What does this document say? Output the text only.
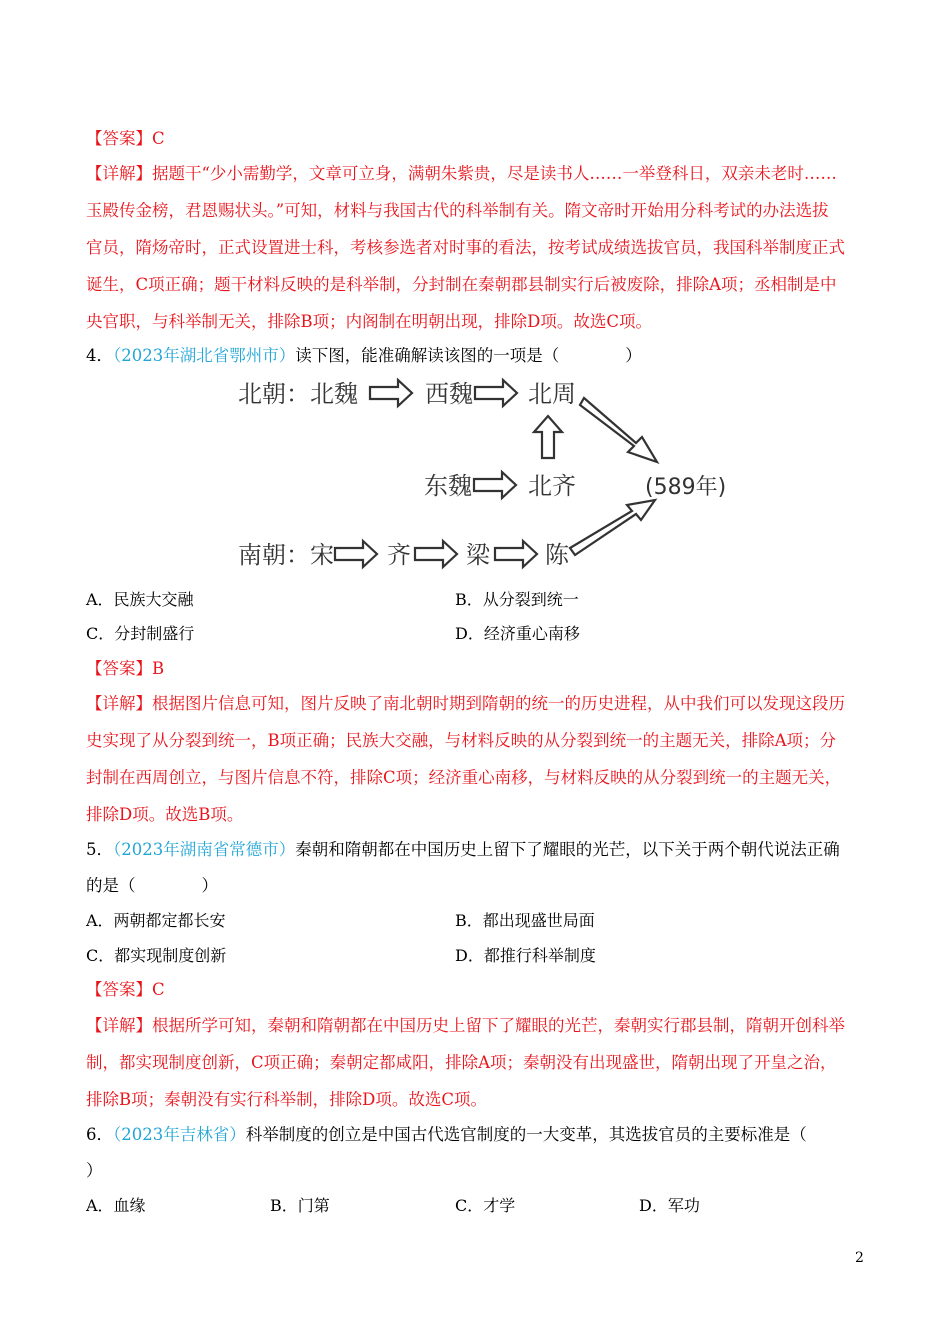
【答案】C
【详解】据题干“少小需勤学，文章可立身，满朝朱紫贵，尽是读书人……一举登科日，双亲未老时……
玉殿传金榜，君恩赐状头。”可知，材料与我国古代的科举制有关。隋文帝时开始用分科考试的办法选拔
官员，隋炀帝时，正式设置进士科，考核参选者对时事的看法，按考试成绩选拔官员，我国科举制度正式
诞生，C项正确；题干材料反映的是科举制，分封制在秦朝郡县制实行后被废除，排除A项；丞相制是中
央官职，与科举制无关，排除B项；内阁制在明朝出现，排除D项。故选C项。
4．（2023年湖北省鄂州市）读下图，能准确解读该图的一项是（　　　　）
北朝：北魏	西魏 北周
东魏 北齐	(589年)
南朝：宋 齐 梁 陈
A．民族大交融	B．从分裂到统一
C．分封制盛行	D．经济重心南移
【答案】B
【详解】根据图片信息可知，图片反映了南北朝时期到隋朝的统一的历史进程，从中我们可以发现这段历
史实现了从分裂到统一，B项正确；民族大交融，与材料反映的从分裂到统一的主题无关，排除A项；分
封制在西周创立，与图片信息不符，排除C项；经济重心南移，与材料反映的从分裂到统一的主题无关，
排除D项。故选B项。
5．（2023年湖南省常德市）秦朝和隋朝都在中国历史上留下了耀眼的光芒，以下关于两个朝代说法正确
的是（　　　　）
A．两朝都定都长安	B．都出现盛世局面
C．都实现制度创新	D．都推行科举制度
【答案】C
【详解】根据所学可知，秦朝和隋朝都在中国历史上留下了耀眼的光芒，秦朝实行郡县制，隋朝开创科举
制，都实现制度创新，C项正确；秦朝定都咸阳，排除A项；秦朝没有出现盛世，隋朝出现了开皇之治，
排除B项；秦朝没有实行科举制，排除D项。故选C项。
6．（2023年吉林省）科举制度的创立是中国古代选官制度的一大变革，其选拔官员的主要标准是（
）
A．血缘	B．门第	C．才学	D．军功
2
